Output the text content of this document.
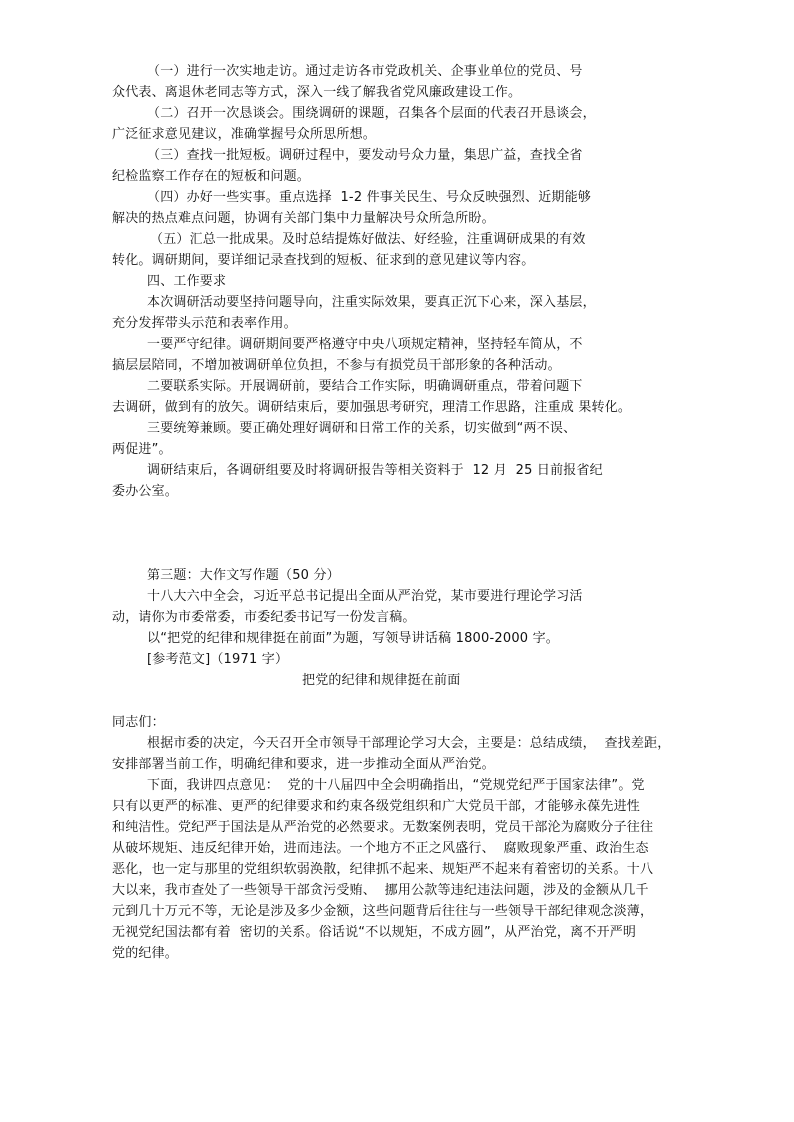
（一）进行一次实地走访。通过走访各市党政机关、企事业单位的党员、号
众代表、离退休老同志等方式，深入一线了解我省党风廉政建设工作。
（二）召开一次恳谈会。围绕调研的课题，召集各个层面的代表召开恳谈会，
广泛征求意见建议，准确掌握号众所思所想。
（三）查找一批短板。调研过程中，要发动号众力量，集思广益，查找全省
纪检监察工作存在的短板和问题。
（四）办好一些实事。重点选择  1-2 件事关民生、号众反映强烈、近期能够
解决的热点难点问题，协调有关部门集中力量解决号众所急所盼。
（五）汇总一批成果。及时总结提炼好做法、好经验，注重调研成果的有效
转化。调研期间，要详细记录查找到的短板、征求到的意见建议等内容。
四、工作要求
本次调研活动要坚持问题导向，注重实际效果，要真正沉下心来，深入基层，
充分发挥带头示范和表率作用。
一要严守纪律。调研期间要严格遵守中央八项规定精神，坚持轻车简从，不
搞层层陪同，不增加被调研单位负担，不参与有损党员干部形象的各种活动。
二要联系实际。开展调研前，要结合工作实际，明确调研重点，带着问题下
去调研，做到有的放矢。调研结束后，要加强思考研究，理清工作思路，注重成 果转化。
三要统筹兼顾。要正确处理好调研和日常工作的关系，切实做到“两不误、
两促进”。
调研结束后，各调研组要及时将调研报告等相关资料于  12 月  25 日前报省纪
委办公室。
第三题：大作文写作题（50 分）
十八大六中全会，习近平总书记提出全面从严治党，某市要进行理论学习活
动，请你为市委常委，市委纪委书记写一份发言稿。
以“把党的纪律和规律挺在前面”为题，写领导讲话稿 1800-2000 字。
[参考范文]（1971 字）
把党的纪律和规律挺在前面
同志们：
根据市委的决定，今天召开全市领导干部理论学习大会，主要是：总结成绩，  查找差距，
安排部署当前工作，明确纪律和要求，进一步推动全面从严治党。
下面，我讲四点意见：  党的十八届四中全会明确指出，“党规党纪严于国家法律”。党
只有以更严的标准、更严的纪律要求和约束各级党组织和广大党员干部，才能够永葆先进性
和纯洁性。党纪严于国法是从严治党的必然要求。无数案例表明，党员干部沦为腐败分子往往
从破坏规矩、违反纪律开始，进而违法。一个地方不正之风盛行、  腐败现象严重、政治生态
恶化，也一定与那里的党组织软弱涣散，纪律抓不起来、规矩严不起来有着密切的关系。十八
大以来，我市查处了一些领导干部贪污受贿、  挪用公款等违纪违法问题，涉及的金额从几千
元到几十万元不等，无论是涉及多少金额，这些问题背后往往与一些领导干部纪律观念淡薄，
无视党纪国法都有着  密切的关系。俗话说“不以规矩，不成方圆”，从严治党，离不开严明
党的纪律。
